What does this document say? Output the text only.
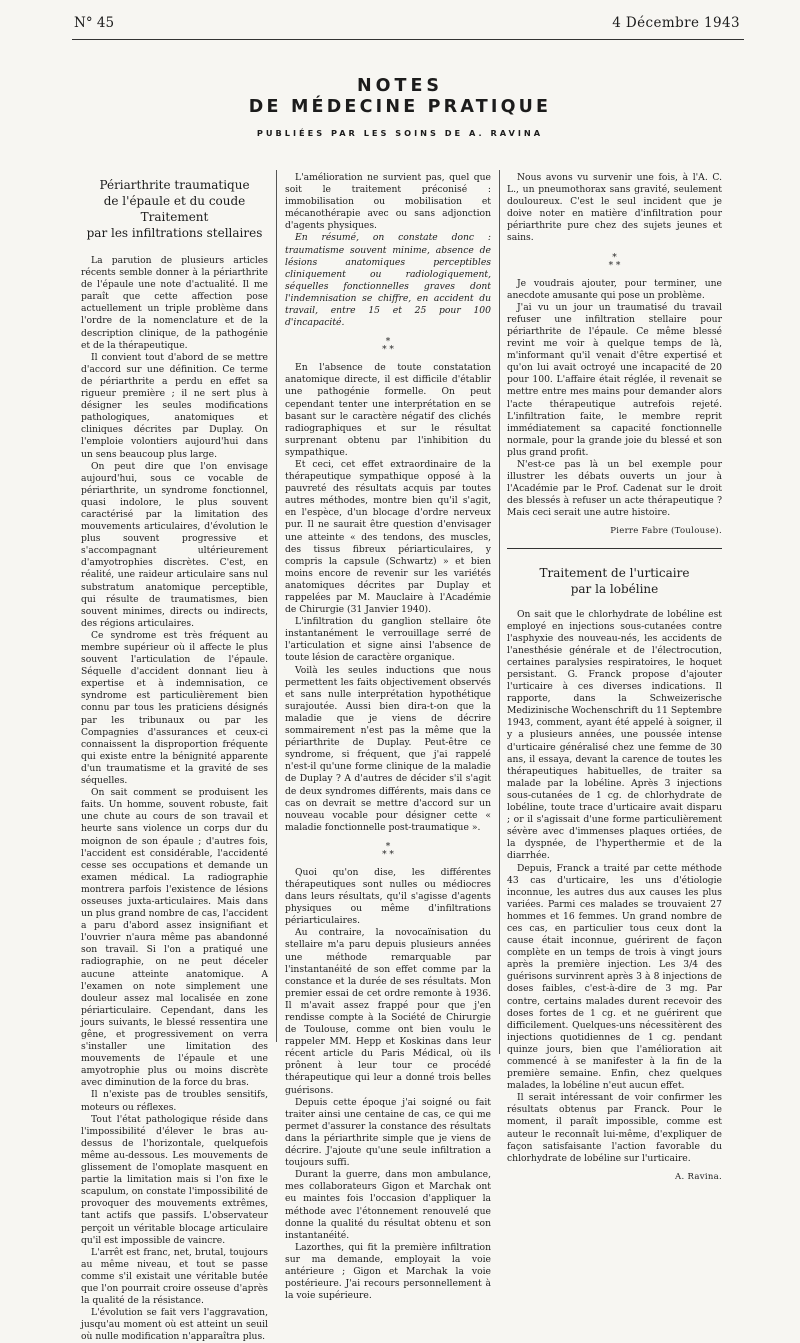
N° 45	4 Décembre 1943
NOTES
DE MÉDECINE PRATIQUE
PUBLIÉES PAR LES SOINS DE A. RAVINA
Périarthrite traumatique
de l'épaule et du coude
Traitement
par les infiltrations stellaires

La parution de plusieurs articles récents semble donner à la périarthrite de l'épaule une note d'actualité. Il me paraît que cette affection pose actuellement un triple problème dans l'ordre de la nomenclature et de la description clinique, de la pathogénie et de la thérapeutique.

Il convient tout d'abord de se mettre d'accord sur une définition. Ce terme de périarthrite a perdu en effet sa rigueur première ; il ne sert plus à désigner les seules modifications pathologiques, anatomiques et cliniques décrites par Duplay. On l'emploie volontiers aujourd'hui dans un sens beaucoup plus large.

On peut dire que l'on envisage aujourd'hui, sous ce vocable de périarthrite, un syndrome fonctionnel, quasi indolore, le plus souvent caractérisé par la limitation des mouvements articulaires, d'évolution le plus souvent progressive et s'accompagnant ultérieurement d'amyotrophies discrètes. C'est, en réalité, une raideur articulaire sans nul substratum anatomique perceptible, qui résulte de traumatismes, bien souvent minimes, directs ou indirects, des régions articulaires.

Ce syndrome est très fréquent au membre supérieur où il affecte le plus souvent l'articulation de l'épaule. Séquelle d'accident donnant lieu à expertise et à indemnisation, ce syndrome est particulièrement bien connu par tous les praticiens désignés par les tribunaux ou par les Compagnies d'assurances et ceux-ci connaissent la disproportion fréquente qui existe entre la bénignité apparente d'un traumatisme et la gravité de ses séquelles.

On sait comment se produisent les faits. Un homme, souvent robuste, fait une chute au cours de son travail et heurte sans violence un corps dur du moignon de son épaule ; d'autres fois, l'accident est considérable, l'accidenté cesse ses occupations et demande un examen médical. La radiographie montrera parfois l'existence de lésions osseuses juxta-articulaires. Mais dans un plus grand nombre de cas, l'accident a paru d'abord assez insignifiant et l'ouvrier n'aura même pas abandonné son travail. Si l'on a pratiqué une radiographie, on ne peut déceler aucune atteinte anatomique. A l'examen on note simplement une douleur assez mal localisée en zone périarticulaire. Cependant, dans les jours suivants, le blessé ressentira une gêne, et progressivement on verra s'installer une limitation des mouvements de l'épaule et une amyotrophie plus ou moins discrète avec diminution de la force du bras.

Il n'existe pas de troubles sensitifs, moteurs ou réflexes.

Tout l'état pathologique réside dans l'impossibilité d'élever le bras au-dessus de l'horizontale, quelquefois même au-dessous. Les mouvements de glissement de l'omoplate masquent en partie la limitation mais si l'on fixe le scapulum, on constate l'impossibilité de provoquer des mouvements extrêmes, tant actifs que passifs. L'observateur perçoit un véritable blocage articulaire qu'il est impossible de vaincre.

L'arrêt est franc, net, brutal, toujours au même niveau, et tout se passe comme s'il existait une véritable butée que l'on pourrait croire osseuse d'après la qualité de la résistance.

L'évolution se fait vers l'aggravation, jusqu'au moment où est atteint un seuil où nulle modification n'apparaîtra plus.

L'amélioration ne survient pas, quel que soit le traitement préconisé : immobilisation ou mobilisation et mécanothérapie avec ou sans adjonction d'agents physiques.

En résumé, on constate donc : traumatisme souvent minime, absence de lésions anatomiques perceptibles cliniquement ou radiologiquement, séquelles fonctionnelles graves dont l'indemnisation se chiffre, en accident du travail, entre 15 et 25 pour 100 d'incapacité.

*
* *

En l'absence de toute constatation anatomique directe, il est difficile d'établir une pathogénie formelle. On peut cependant tenter une interprétation en se basant sur le caractère négatif des clichés radiographiques et sur le résultat surprenant obtenu par l'inhibition du sympathique.

Et ceci, cet effet extraordinaire de la thérapeutique sympathique opposé à la pauvreté des résultats acquis par toutes autres méthodes, montre bien qu'il s'agit, en l'espèce, d'un blocage d'ordre nerveux pur. Il ne saurait être question d'envisager une atteinte « des tendons, des muscles, des tissus fibreux périarticulaires, y compris la capsule (Schwartz) » et bien moins encore de revenir sur les variétés anatomiques décrites par Duplay et rappelées par M. Mauclaire à l'Académie de Chirurgie (31 Janvier 1940).

L'infiltration du ganglion stellaire ôte instantanément le verrouillage serré de l'articulation et signe ainsi l'absence de toute lésion de caractère organique.

Voilà les seules inductions que nous permettent les faits objectivement observés et sans nulle interprétation hypothétique surajoutée. Aussi bien dira-t-on que la maladie que je viens de décrire sommairement n'est pas la même que la périarthrite de Duplay. Peut-être ce syndrome, si fréquent, que j'ai rappelé n'est-il qu'une forme clinique de la maladie de Duplay ? A d'autres de décider s'il s'agit de deux syndromes différents, mais dans ce cas on devrait se mettre d'accord sur un nouveau vocable pour désigner cette « maladie fonctionnelle post-traumatique ».

*
* *

Quoi qu'on dise, les différentes thérapeutiques sont nulles ou médiocres dans leurs résultats, qu'il s'agisse d'agents physiques ou même d'infiltrations périarticulaires.

Au contraire, la novocaïnisation du stellaire m'a paru depuis plusieurs années une méthode remarquable par l'instantanéité de son effet comme par la constance et la durée de ses résultats. Mon premier essai de cet ordre remonte à 1936. Il m'avait assez frappé pour que j'en rendisse compte à la Société de Chirurgie de Toulouse, comme ont bien voulu le rappeler MM. Hepp et Koskinas dans leur récent article du Paris Médical, où ils prônent à leur tour ce procédé thérapeutique qui leur a donné trois belles guérisons.

Depuis cette époque j'ai soigné ou fait traiter ainsi une centaine de cas, ce qui me permet d'assurer la constance des résultats dans la périarthrite simple que je viens de décrire. J'ajoute qu'une seule infiltration a toujours suffi.

Durant la guerre, dans mon ambulance, mes collaborateurs Gigon et Marchak ont eu maintes fois l'occasion d'appliquer la méthode avec l'étonnement renouvelé que donne la qualité du résultat obtenu et son instantanéité.

Lazorthes, qui fit la première infiltration sur ma demande, employait la voie antérieure ; Gigon et Marchak la voie postérieure. J'ai recours personnellement à la voie supérieure.

Nous avons vu survenir une fois, à l'A. C. L., un pneumothorax sans gravité, seulement douloureux. C'est le seul incident que je doive noter en matière d'infiltration pour périarthrite pure chez des sujets jeunes et sains.

*
* *

Je voudrais ajouter, pour terminer, une anecdote amusante qui pose un problème.

J'ai vu un jour un traumatisé du travail refuser une infiltration stellaire pour périarthrite de l'épaule. Ce même blessé revint me voir à quelque temps de là, m'informant qu'il venait d'être expertisé et qu'on lui avait octroyé une incapacité de 20 pour 100. L'affaire était réglée, il revenait se mettre entre mes mains pour demander alors l'acte thérapeutique autrefois rejeté. L'infiltration faite, le membre reprit immédiatement sa capacité fonctionnelle normale, pour la grande joie du blessé et son plus grand profit.

N'est-ce pas là un bel exemple pour illustrer les débats ouverts un jour à l'Académie par le Prof. Cadenat sur le droit des blessés à refuser un acte thérapeutique ? Mais ceci serait une autre histoire.

Pierre Fabre (Toulouse).
Traitement de l'urticaire
par la lobéline

On sait que le chlorhydrate de lobéline est employé en injections sous-cutanées contre l'asphyxie des nouveau-nés, les accidents de l'anesthésie générale et de l'électrocution, certaines paralysies respiratoires, le hoquet persistant. G. Franck propose d'ajouter l'urticaire à ces diverses indications. Il rapporte, dans la Schweizerische Medizinische Wochenschrift du 11 Septembre 1943, comment, ayant été appelé à soigner, il y a plusieurs années, une poussée intense d'urticaire généralisé chez une femme de 30 ans, il essaya, devant la carence de toutes les thérapeutiques habituelles, de traiter sa malade par la lobéline. Après 3 injections sous-cutanées de 1 cg. de chlorhydrate de lobéline, toute trace d'urticaire avait disparu ; or il s'agissait d'une forme particulièrement sévère avec d'immenses plaques ortiées, de la dyspnée, de l'hyperthermie et de la diarrhée.

Depuis, Franck a traité par cette méthode 43 cas d'urticaire, les uns d'étiologie inconnue, les autres dus aux causes les plus variées. Parmi ces malades se trouvaient 27 hommes et 16 femmes. Un grand nombre de ces cas, en particulier tous ceux dont la cause était inconnue, guérirent de façon complète en un temps de trois à vingt jours après la première injection. Les 3/4 des guérisons survinrent après 3 à 8 injections de doses faibles, c'est-à-dire de 3 mg. Par contre, certains malades durent recevoir des doses fortes de 1 cg. et ne guérirent que difficilement. Quelques-uns nécessitèrent des injections quotidiennes de 1 cg. pendant quinze jours, bien que l'amélioration ait commencé à se manifester à la fin de la première semaine. Enfin, chez quelques malades, la lobéline n'eut aucun effet.

Il serait intéressant de voir confirmer les résultats obtenus par Franck. Pour le moment, il paraît impossible, comme est auteur le reconnaît lui-même, d'expliquer de façon satisfaisante l'action favorable du chlorhydrate de lobéline sur l'urticaire.

A. Ravina.
